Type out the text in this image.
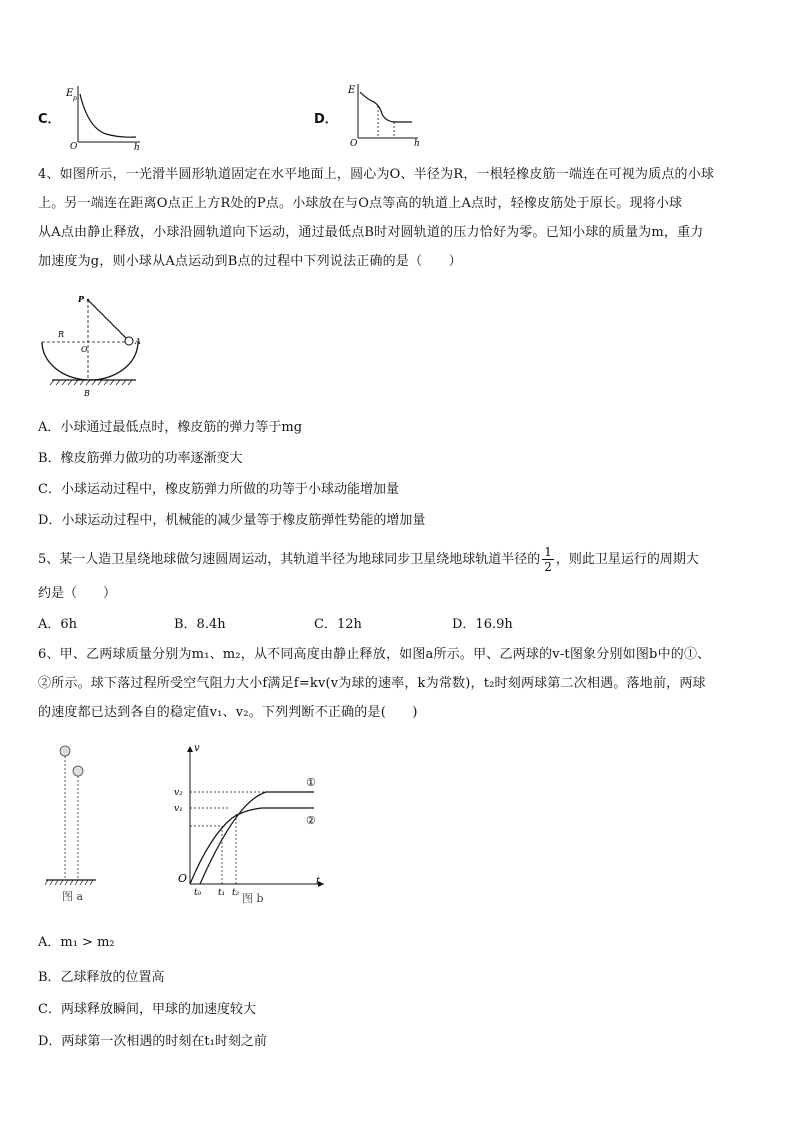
C．
E p
O	h
D．
E
O	h
4、如图所示，一光滑半圆形轨道固定在水平地面上，圆心为O、半径为R，一根轻橡皮筋一端连在可视为质点的小球
上。另一端连在距离O点正上方R处的P点。小球放在与O点等高的轨道上A点时，轻橡皮筋处于原长。现将小球
从A点由静止释放，小球沿圆轨道向下运动，通过最低点B时对圆轨道的压力恰好为零。已知小球的质量为m，重力
加速度为g，则小球从A点运动到B点的过程中下列说法正确的是（　　）
P
R
O
A
B
A．小球通过最低点时，橡皮筋的弹力等于mg
B．橡皮筋弹力做功的功率逐渐变大
C．小球运动过程中，橡皮筋弹力所做的功等于小球动能增加量
D．小球运动过程中，机械能的减少量等于橡皮筋弹性势能的增加量
5、某一人造卫星绕地球做匀速圆周运动，其轨道半径为地球同步卫星绕地球轨道半径的 $\frac{1}{2}$ ，则此卫星运行的周期大
约是（　　）
A．6h	B．8.4h	C．12h	D．16.9h
6、甲、乙两球质量分别为m₁、m₂，从不同高度由静止释放，如图a所示。甲、乙两球的v-t图象分别如图b中的①、
②所示。球下落过程所受空气阻力大小f满足f=kv(v为球的速率，k为常数)，t₂时刻两球第二次相遇。落地前，两球
的速度都已达到各自的稳定值v₁、v₂。下列判断不正确的是(　　)
图 a
v
t
O
v₂
v₁
t₀ t₁ t₂
①
②
图 b
A．m₁ > m₂
B．乙球释放的位置高
C．两球释放瞬间，甲球的加速度较大
D．两球第一次相遇的时刻在t₁时刻之前
